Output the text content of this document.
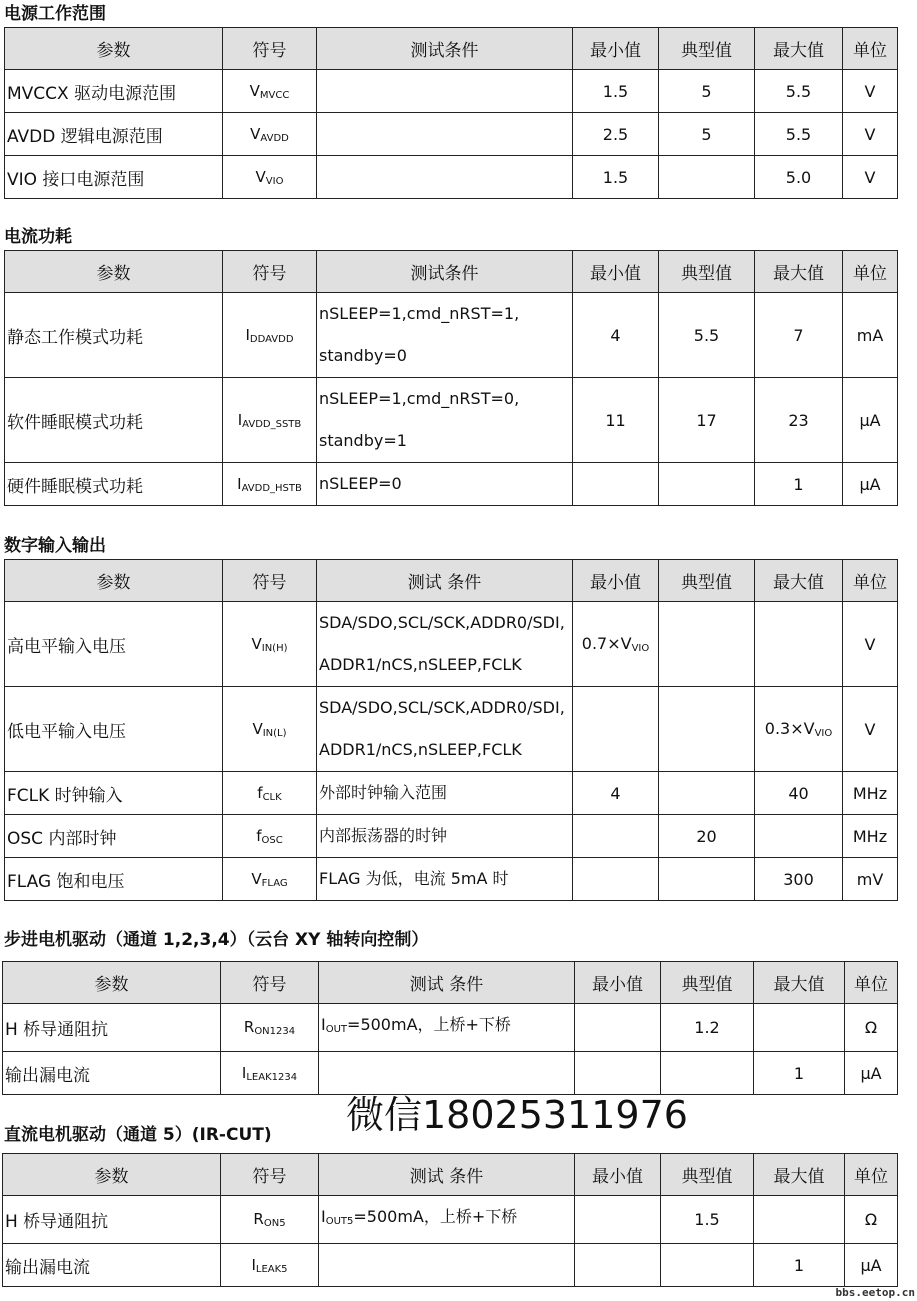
电源工作范围
参数	符号	测试条件	最小值	典型值	最大值	单位
MVCCX 驱动电源范围	$V_{MVCC}$		1.5	5	5.5	V
AVDD 逻辑电源范围	$V_{AVDD}$		2.5	5	5.5	V
VIO 接口电源范围	$V_{VIO}$		1.5		5.0	V
电流功耗
参数	符号	测试条件	最小值	典型值	最大值	单位
静态工作模式功耗	$I_{DDAVDD}$	nSLEEP=1,cmd_nRST=1,
standby=0	4	5.5	7	mA
软件睡眠模式功耗	$I_{AVDD\_SSTB}$	nSLEEP=1,cmd_nRST=0,
standby=1	11	17	23	µA
硬件睡眠模式功耗	$I_{AVDD\_HSTB}$	nSLEEP=0			1	µA
数字输入输出
参数	符号	测试 条件	最小值	典型值	最大值	单位
高电平输入电压	$V_{IN(H)}$	SDA/SDO,SCL/SCK,ADDR0/SDI,
ADDR1/nCS,nSLEEP,FCLK	$0.7\times V_{VIO}$			V
低电平输入电压	$V_{IN(L)}$	SDA/SDO,SCL/SCK,ADDR0/SDI,
ADDR1/nCS,nSLEEP,FCLK			$0.3\times V_{VIO}$	V
FCLK 时钟输入	$f_{CLK}$	外部时钟输入范围	4		40	MHz
OSC 内部时钟	$f_{OSC}$	内部振荡器的时钟		20		MHz
FLAG 饱和电压	$V_{FLAG}$	FLAG 为低，电流 5mA 时			300	mV
步进电机驱动（通道 1,2,3,4）（云台 XY 轴转向控制）
参数	符号	测试 条件	最小值	典型值	最大值	单位
H 桥导通阻抗	$R_{ON1234}$	$I_{OUT}=500mA$，上桥+下桥		1.2		Ω
输出漏电流	$I_{LEAK1234}$				1	µA
微信18025311976
直流电机驱动（通道 5）(IR-CUT)
参数	符号	测试 条件	最小值	典型值	最大值	单位
H 桥导通阻抗	$R_{ON5}$	$I_{OUT5}=500mA$，上桥+下桥		1.5		Ω
输出漏电流	$I_{LEAK5}$				1	µA
bbs.eetop.cn
